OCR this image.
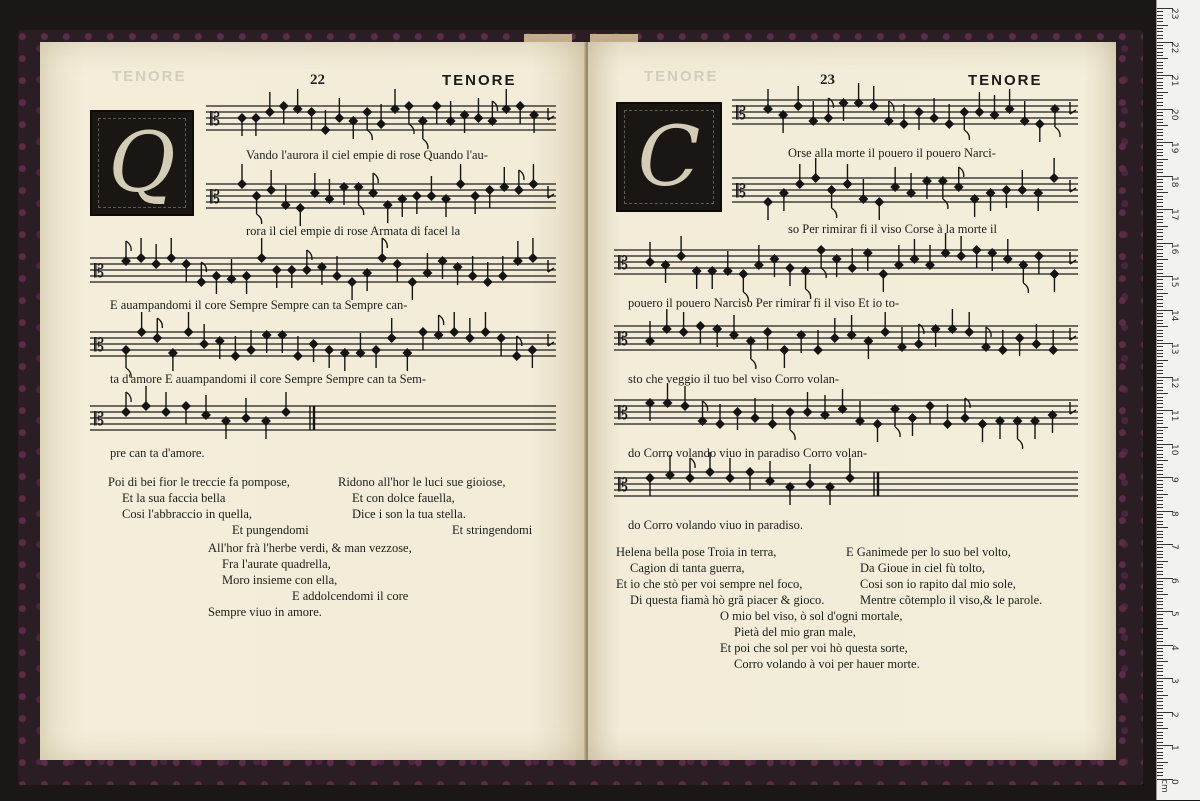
TENORE	22	TENORE
Q	𝄡
Vando l'aurora il ciel empie di rose Quando l'au-
𝄡
rora il ciel empie di rose Armata di facel la
𝄡
E auampandomi il core Sempre Sempre can ta Sempre can-
𝄡
ta d'amore E auampandomi il core Sempre Sempre can ta Sem-
𝄡
pre can ta d'amore.
Poi di bei fior le treccie fa pompose,
Et la sua faccia bella
Cosi l'abbraccio in quella,
Et pungendomi
Ridono all'hor le luci sue gioiose,
Et con dolce fauella,
Dice i son la tua stella.
Et stringendomi
All'hor frà l'herbe verdi, & man vezzose,
Fra l'aurate quadrella,
Moro insieme con ella,
E addolcendomi il core
Sempre viuo in amore.
TENORE	23	TENORE
C	𝄡
Orse alla morte il pouero il pouero Narci-
𝄡
so Per rimirar fi il viso Corse à la morte il
𝄡
pouero il pouero Narciso Per rimirar fi il viso Et io to-
𝄡
sto che veggio il tuo bel viso Corro volan-
𝄡
do Corro volando viuo in paradiso Corro volan-
𝄡
do Corro volando viuo in paradiso.
Helena bella pose Troia in terra,
Cagion di tanta guerra,
Et io che stò per voi sempre nel foco,
Di questa fiamà hò grã piacer & gioco.
E Ganimede per lo suo bel volto,
Da Gioue in ciel fù tolto,
Cosi son io rapito dal mio sole,
Mentre cõtemplo il viso,& le parole.
O mio bel viso, ò sol d'ogni mortale,
Pietà del mio gran male,
Et poi che sol per voi hò questa sorte,
Corro volando à voi per hauer morte.
23
22
21
20
19
18
17
16
15
14
13
12
11
10
9
8
7
6
5
4
3
2
1
0 cm
